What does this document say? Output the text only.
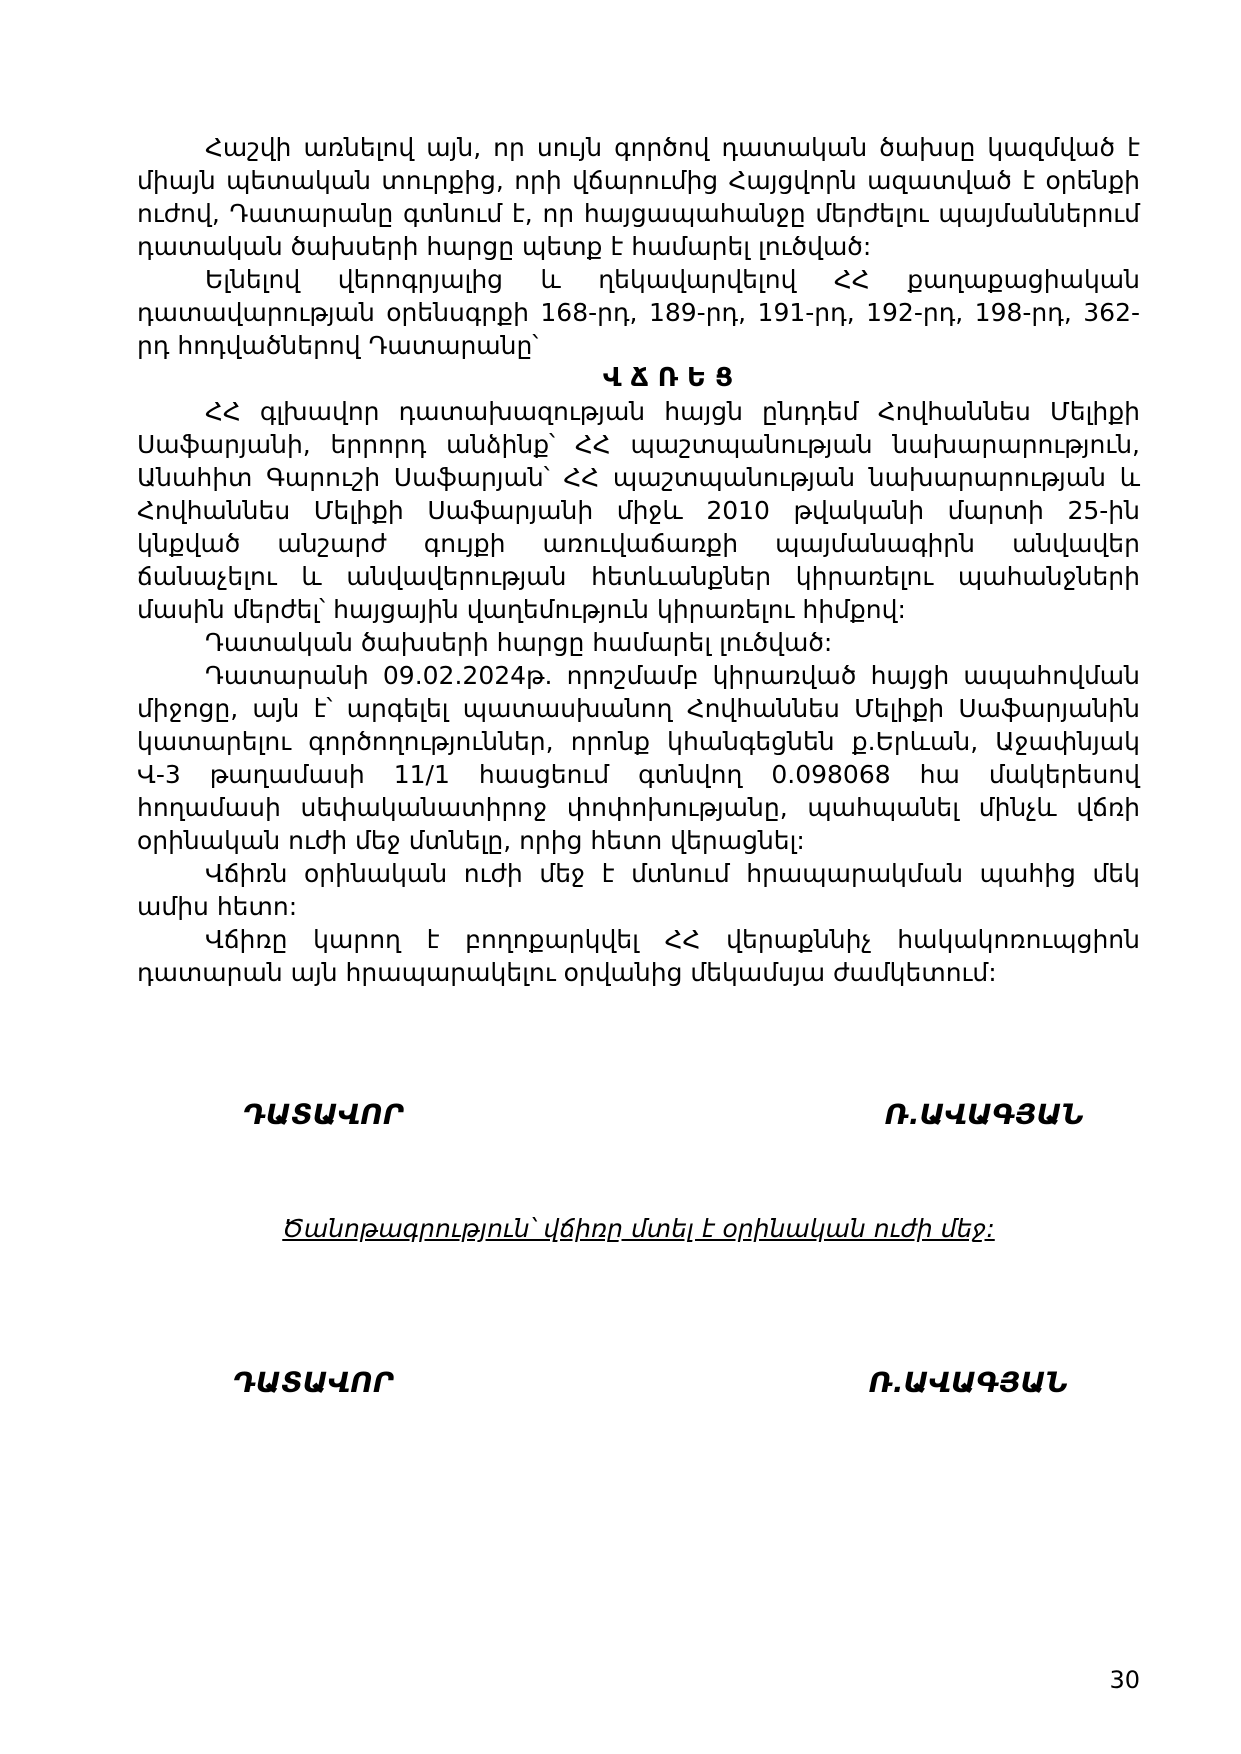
Հաշվի առնելով այն, որ սույն գործով դատական ծախսը կազմված է միայն պետական տուրքից, որի վճարումից Հայցվորն ազատված է օրենքի ուժով, Դատարանը գտնում է, որ հայցապահանջը մերժելու պայմաններում դատական ծախսերի հարցը պետք է համարել լուծված:

Ելնելով վերոգրյալից և ղեկավարվելով ՀՀ քաղաքացիական դատավարության օրենսգրքի 168-րդ, 189-րդ, 191-րդ, 192-րդ, 198-րդ, 362-րդ հոդվածներով Դատարանը՝

ՎՃՌԵՑ

ՀՀ գլխավոր դատախազության հայցն ընդդեմ Հովհաննես Մելիքի Սաֆարյանի, երրորդ անձինք՝ ՀՀ պաշտպանության նախարարություն, Անահիտ Գարուշի Սաֆարյան՝ ՀՀ պաշտպանության նախարարության և Հովհաննես Մելիքի Սաֆարյանի միջև 2010 թվականի մարտի 25-ին կնքված անշարժ գույքի առուվաճառքի պայմանագիրն անվավեր ճանաչելու և անվավերության հետևանքներ կիրառելու պահանջների մասին մերժել՝ հայցային վաղեմություն կիրառելու հիմքով:

Դատական ծախսերի հարցը համարել լուծված:

Դատարանի 09.02.2024թ. որոշմամբ կիրառված հայցի ապահովման միջոցը, այն է՝ արգելել պատասխանող Հովհաննես Մելիքի Սաֆարյանին կատարելու գործողություններ, որոնք կհանգեցնեն ք.Երևան, Աջափնյակ Վ-3 թաղամասի 11/1 հասցեում գտնվող 0.098068 հա մակերեսով հողամասի սեփականատիրոջ փոփոխությանը, պահպանել մինչև վճռի օրինական ուժի մեջ մտնելը, որից հետո վերացնել:

Վճիռն օրինական ուժի մեջ է մտնում հրապարակման պահից մեկ ամիս հետո:

Վճիռը կարող է բողոքարկվել ՀՀ վերաքննիչ հակակոռուպցիոն դատարան այն հրապարակելու օրվանից մեկամսյա ժամկետում:

ԴԱՏԱՎՈՐ	Ռ.ԱՎԱԳՅԱՆ
Ծանոթագրություն՝ վճիռը մտել է օրինական ուժի մեջ:
ԴԱՏԱՎՈՐ	Ռ.ԱՎԱԳՅԱՆ
30
